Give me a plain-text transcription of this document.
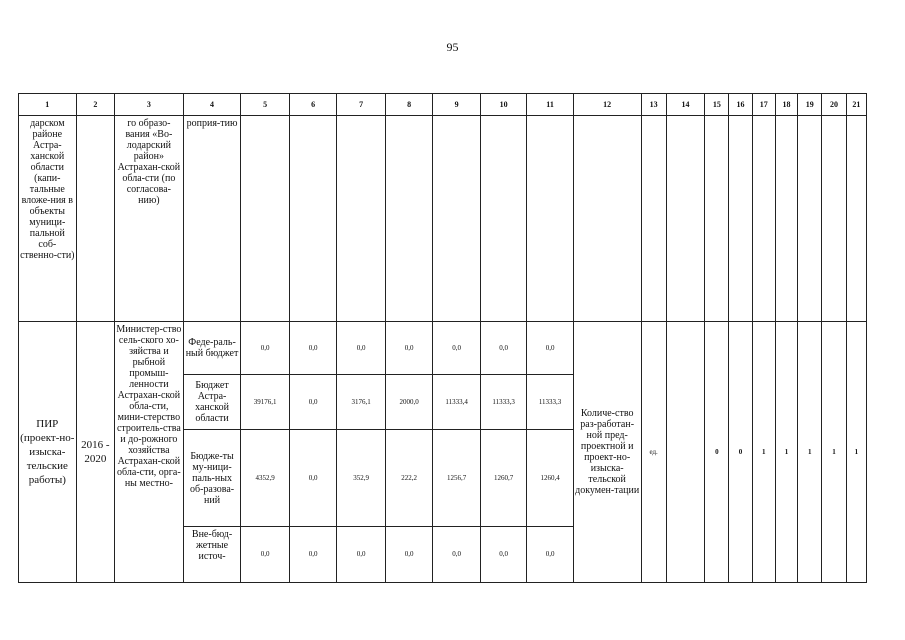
95
1	2	3	4	5	6	7	8	9	10	11	12	13	14	15	16	17	18	19	20	21
дарском районе Астра-ханской области (капи-тальные вложе-ния в объекты муници-пальной соб-ственно-сти)		го образо-вания «Во-лодарский район» Астрахан-ской обла-сти (по согласова-нию)	роприя-тию																	
ПИР (проект-но-изыска-тельские работы)	2016 - 2020	Министер-ство сель-ского хо-зяйства и рыбной промыш-ленности Астрахан-ской обла-сти, мини-стерство строитель-ства и до-рожного хозяйства Астрахан-ской обла-сти, орга-ны местно-	Феде-раль-ный бюджет	0,0	0,0	0,0	0,0	0,0	0,0	0,0	Количе-ство раз-работан-ной пред-проектной и проект-но-изыска-тельской докумен-тации	ед.		0	0	1	1	1	1	1
			Бюджет Астра-ханской области	39176,1	0,0	3176,1	2000,0	11333,4	11333,3	11333,3										
			Бюдже-ты му-ници-паль-ных об-разова-ний	4352,9	0,0	352,9	222,2	1256,7	1260,7	1260,4										
			Вне-бюд-жетные источ-	0,0	0,0	0,0	0,0	0,0	0,0	0,0										
